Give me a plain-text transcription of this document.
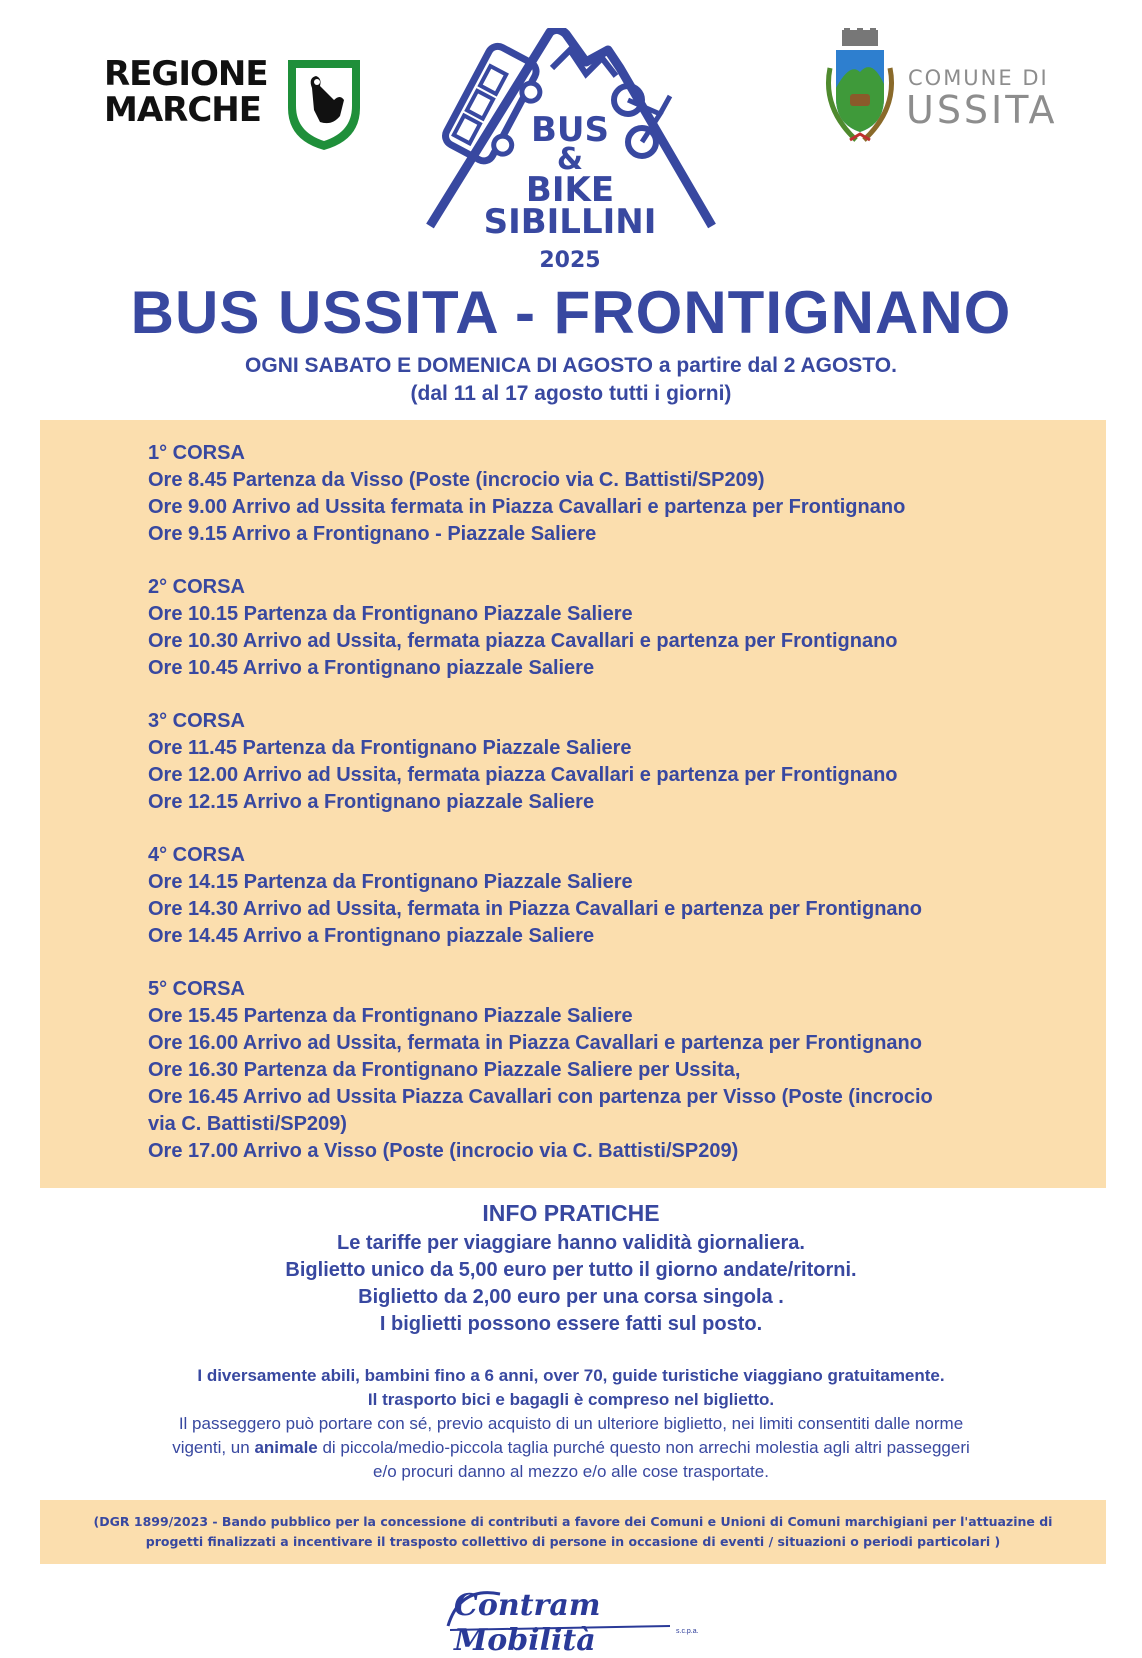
REGIONE
MARCHE	BUS
&
BIKE
SIBILLINI
2025
COMUNE DI
USSITA
BUS USSITA - FRONTIGNANO
OGNI SABATO E DOMENICA DI AGOSTO a partire dal 2 AGOSTO.
(dal 11 al 17 agosto tutti i giorni)
1° CORSA
Ore 8.45 Partenza da Visso (Poste (incrocio via C. Battisti/SP209)
Ore 9.00 Arrivo ad Ussita fermata in Piazza Cavallari e partenza per Frontignano
Ore 9.15 Arrivo a Frontignano - Piazzale Saliere
2° CORSA
Ore 10.15 Partenza da Frontignano Piazzale Saliere
Ore 10.30 Arrivo ad Ussita, fermata piazza Cavallari e partenza per Frontignano
Ore 10.45 Arrivo a Frontignano piazzale Saliere
3° CORSA
Ore 11.45 Partenza da Frontignano Piazzale Saliere
Ore 12.00 Arrivo ad Ussita, fermata piazza Cavallari e partenza per Frontignano
Ore 12.15 Arrivo a Frontignano piazzale Saliere
4° CORSA
Ore 14.15 Partenza da Frontignano Piazzale Saliere
Ore 14.30 Arrivo ad Ussita, fermata in Piazza Cavallari e partenza per Frontignano
Ore 14.45 Arrivo a Frontignano piazzale Saliere
5° CORSA
Ore 15.45 Partenza da Frontignano Piazzale Saliere
Ore 16.00 Arrivo ad Ussita, fermata in Piazza Cavallari e partenza per Frontignano
Ore 16.30 Partenza da Frontignano Piazzale Saliere per Ussita,
Ore 16.45 Arrivo ad Ussita Piazza Cavallari con partenza per Visso (Poste (incrocio
via C. Battisti/SP209)
Ore 17.00 Arrivo a Visso (Poste (incrocio via C. Battisti/SP209)
INFO PRATICHE
Le tariffe per viaggiare hanno validità giornaliera.
Biglietto unico da 5,00 euro per tutto il giorno andate/ritorni.
Biglietto da 2,00 euro per una corsa singola .
I biglietti possono essere fatti sul posto.
I diversamente abili, bambini fino a 6 anni, over 70, guide turistiche viaggiano gratuitamente.
Il trasporto bici e bagagli è compreso nel biglietto.
Il passeggero può portare con sé, previo acquisto di un ulteriore biglietto, nei limiti consentiti dalle norme
vigenti, un animale di piccola/medio-piccola taglia purché questo non arrechi molestia agli altri passeggeri
e/o procuri danno al mezzo e/o alle cose trasportate.
(DGR 1899/2023 - Bando pubblico per la concessione di contributi a favore dei Comuni e Unioni di Comuni marchigiani per l'attuazine di
progetti finalizzati a incentivare il trasposto collettivo di persone in occasione di eventi / situazioni o periodi particolari )
Contram Mobilità	s.c.p.a.
